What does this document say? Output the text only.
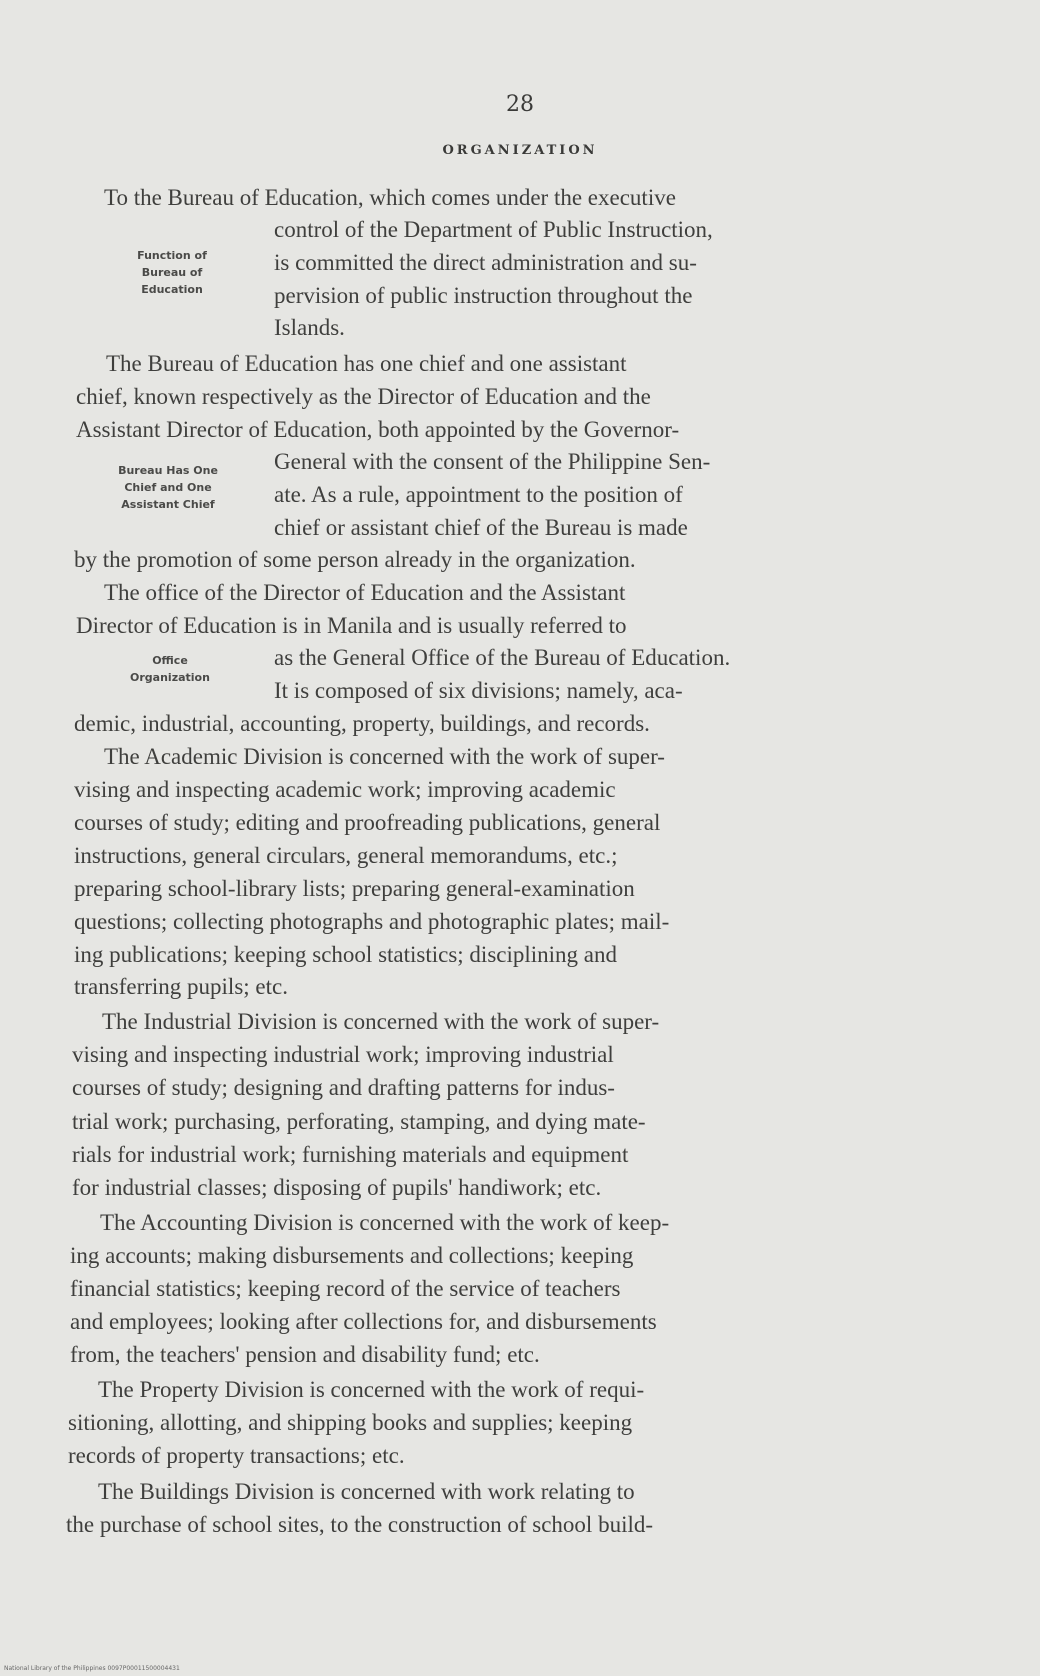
28
ORGANIZATION
Function of
Bureau of
Education
Bureau Has One
Chief and One
Assistant Chief
Office
Organization
To the Bureau of Education, which comes under the executive
control of the Department of Public Instruction,
is committed the direct administration and su-
pervision of public instruction throughout the
Islands.
The Bureau of Education has one chief and one assistant
chief, known respectively as the Director of Education and the
Assistant Director of Education, both appointed by the Governor-
General with the consent of the Philippine Sen-
ate. As a rule, appointment to the position of
chief or assistant chief of the Bureau is made
by the promotion of some person already in the organization.
The office of the Director of Education and the Assistant
Director of Education is in Manila and is usually referred to
as the General Office of the Bureau of Education.
It is composed of six divisions; namely, aca-
demic, industrial, accounting, property, buildings, and records.
The Academic Division is concerned with the work of super-
vising and inspecting academic work; improving academic
courses of study; editing and proofreading publications, general
instructions, general circulars, general memorandums, etc.;
preparing school-library lists; preparing general-examination
questions; collecting photographs and photographic plates; mail-
ing publications; keeping school statistics; disciplining and
transferring pupils; etc.
The Industrial Division is concerned with the work of super-
vising and inspecting industrial work; improving industrial
courses of study; designing and drafting patterns for indus-
trial work; purchasing, perforating, stamping, and dying mate-
rials for industrial work; furnishing materials and equipment
for industrial classes; disposing of pupils' handiwork; etc.
The Accounting Division is concerned with the work of keep-
ing accounts; making disbursements and collections; keeping
financial statistics; keeping record of the service of teachers
and employees; looking after collections for, and disbursements
from, the teachers' pension and disability fund; etc.
The Property Division is concerned with the work of requi-
sitioning, allotting, and shipping books and supplies; keeping
records of property transactions; etc.
The Buildings Division is concerned with work relating to
the purchase of school sites, to the construction of school build-
National Library of the Philippines 0097P00011500004431
